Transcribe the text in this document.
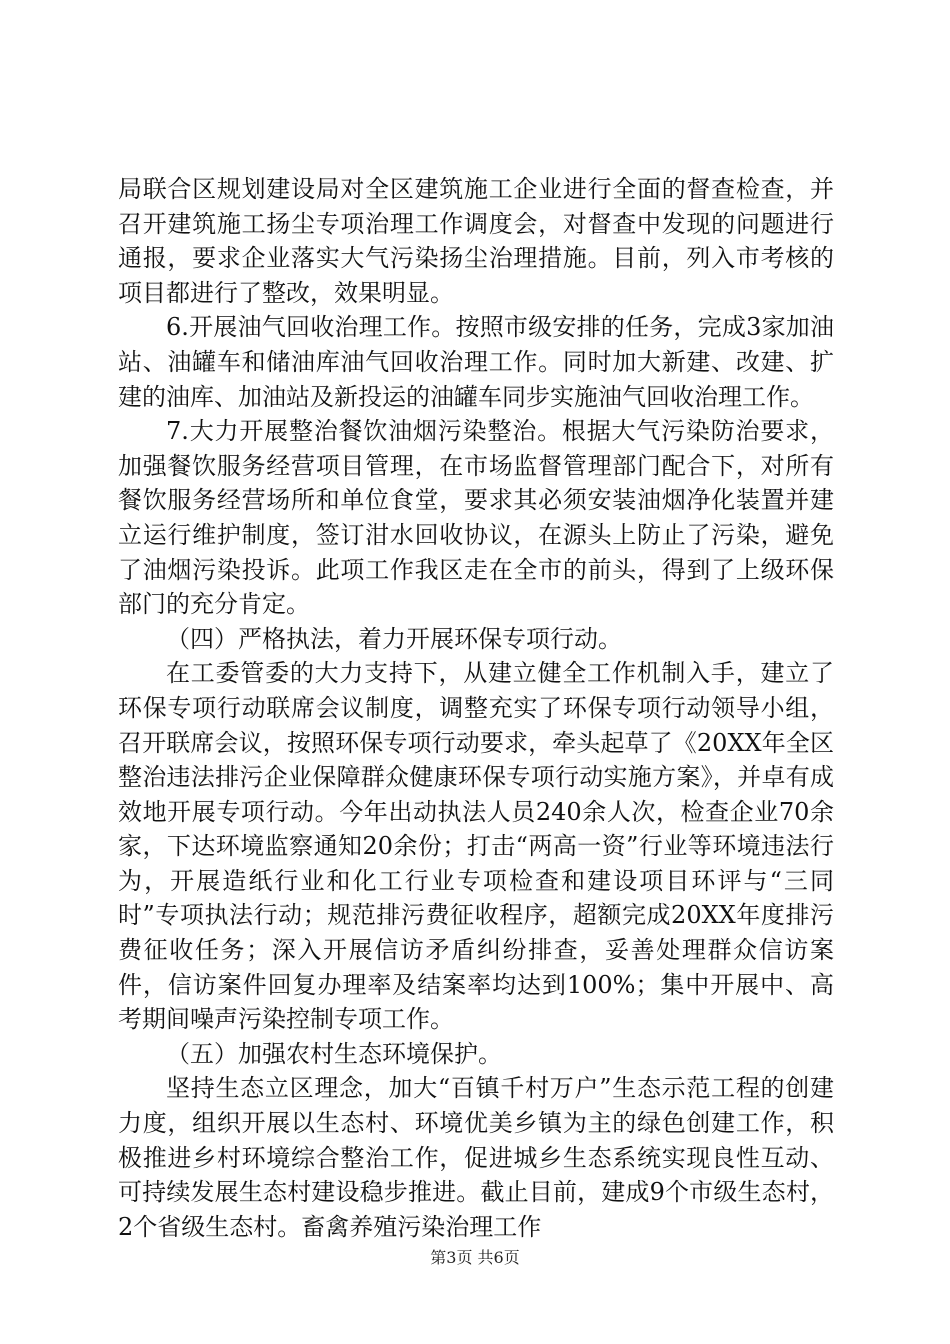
局联合区规划建设局对全区建筑施工企业进行全面的督查检查，并召开建筑施工扬尘专项治理工作调度会，对督查中发现的问题进行通报，要求企业落实大气污染扬尘治理措施。目前，列入市考核的项目都进行了整改，效果明显。

6.开展油气回收治理工作。按照市级安排的任务，完成3家加油站、油罐车和储油库油气回收治理工作。同时加大新建、改建、扩建的油库、加油站及新投运的油罐车同步实施油气回收治理工作。

7.大力开展整治餐饮油烟污染整治。根据大气污染防治要求，加强餐饮服务经营项目管理，在市场监督管理部门配合下，对所有餐饮服务经营场所和单位食堂，要求其必须安装油烟净化装置并建立运行维护制度，签订泔水回收协议，在源头上防止了污染，避免了油烟污染投诉。此项工作我区走在全市的前头，得到了上级环保部门的充分肯定。

（四）严格执法，着力开展环保专项行动。

在工委管委的大力支持下，从建立健全工作机制入手，建立了环保专项行动联席会议制度，调整充实了环保专项行动领导小组，召开联席会议，按照环保专项行动要求，牵头起草了《20XX年全区整治违法排污企业保障群众健康环保专项行动实施方案》，并卓有成效地开展专项行动。今年出动执法人员240余人次，检查企业70余家，下达环境监察通知20余份；打击“两高一资”行业等环境违法行为，开展造纸行业和化工行业专项检查和建设项目环评与“三同时”专项执法行动；规范排污费征收程序，超额完成20XX年度排污费征收任务；深入开展信访矛盾纠纷排查，妥善处理群众信访案件，信访案件回复办理率及结案率均达到100%；集中开展中、高考期间噪声污染控制专项工作。

（五）加强农村生态环境保护。

坚持生态立区理念，加大“百镇千村万户”生态示范工程的创建力度，组织开展以生态村、环境优美乡镇为主的绿色创建工作，积极推进乡村环境综合整治工作，促进城乡生态系统实现良性互动、可持续发展生态村建设稳步推进。截止目前，建成9个市级生态村，2个省级生态村。畜禽养殖污染治理工作

第3页 共6页
